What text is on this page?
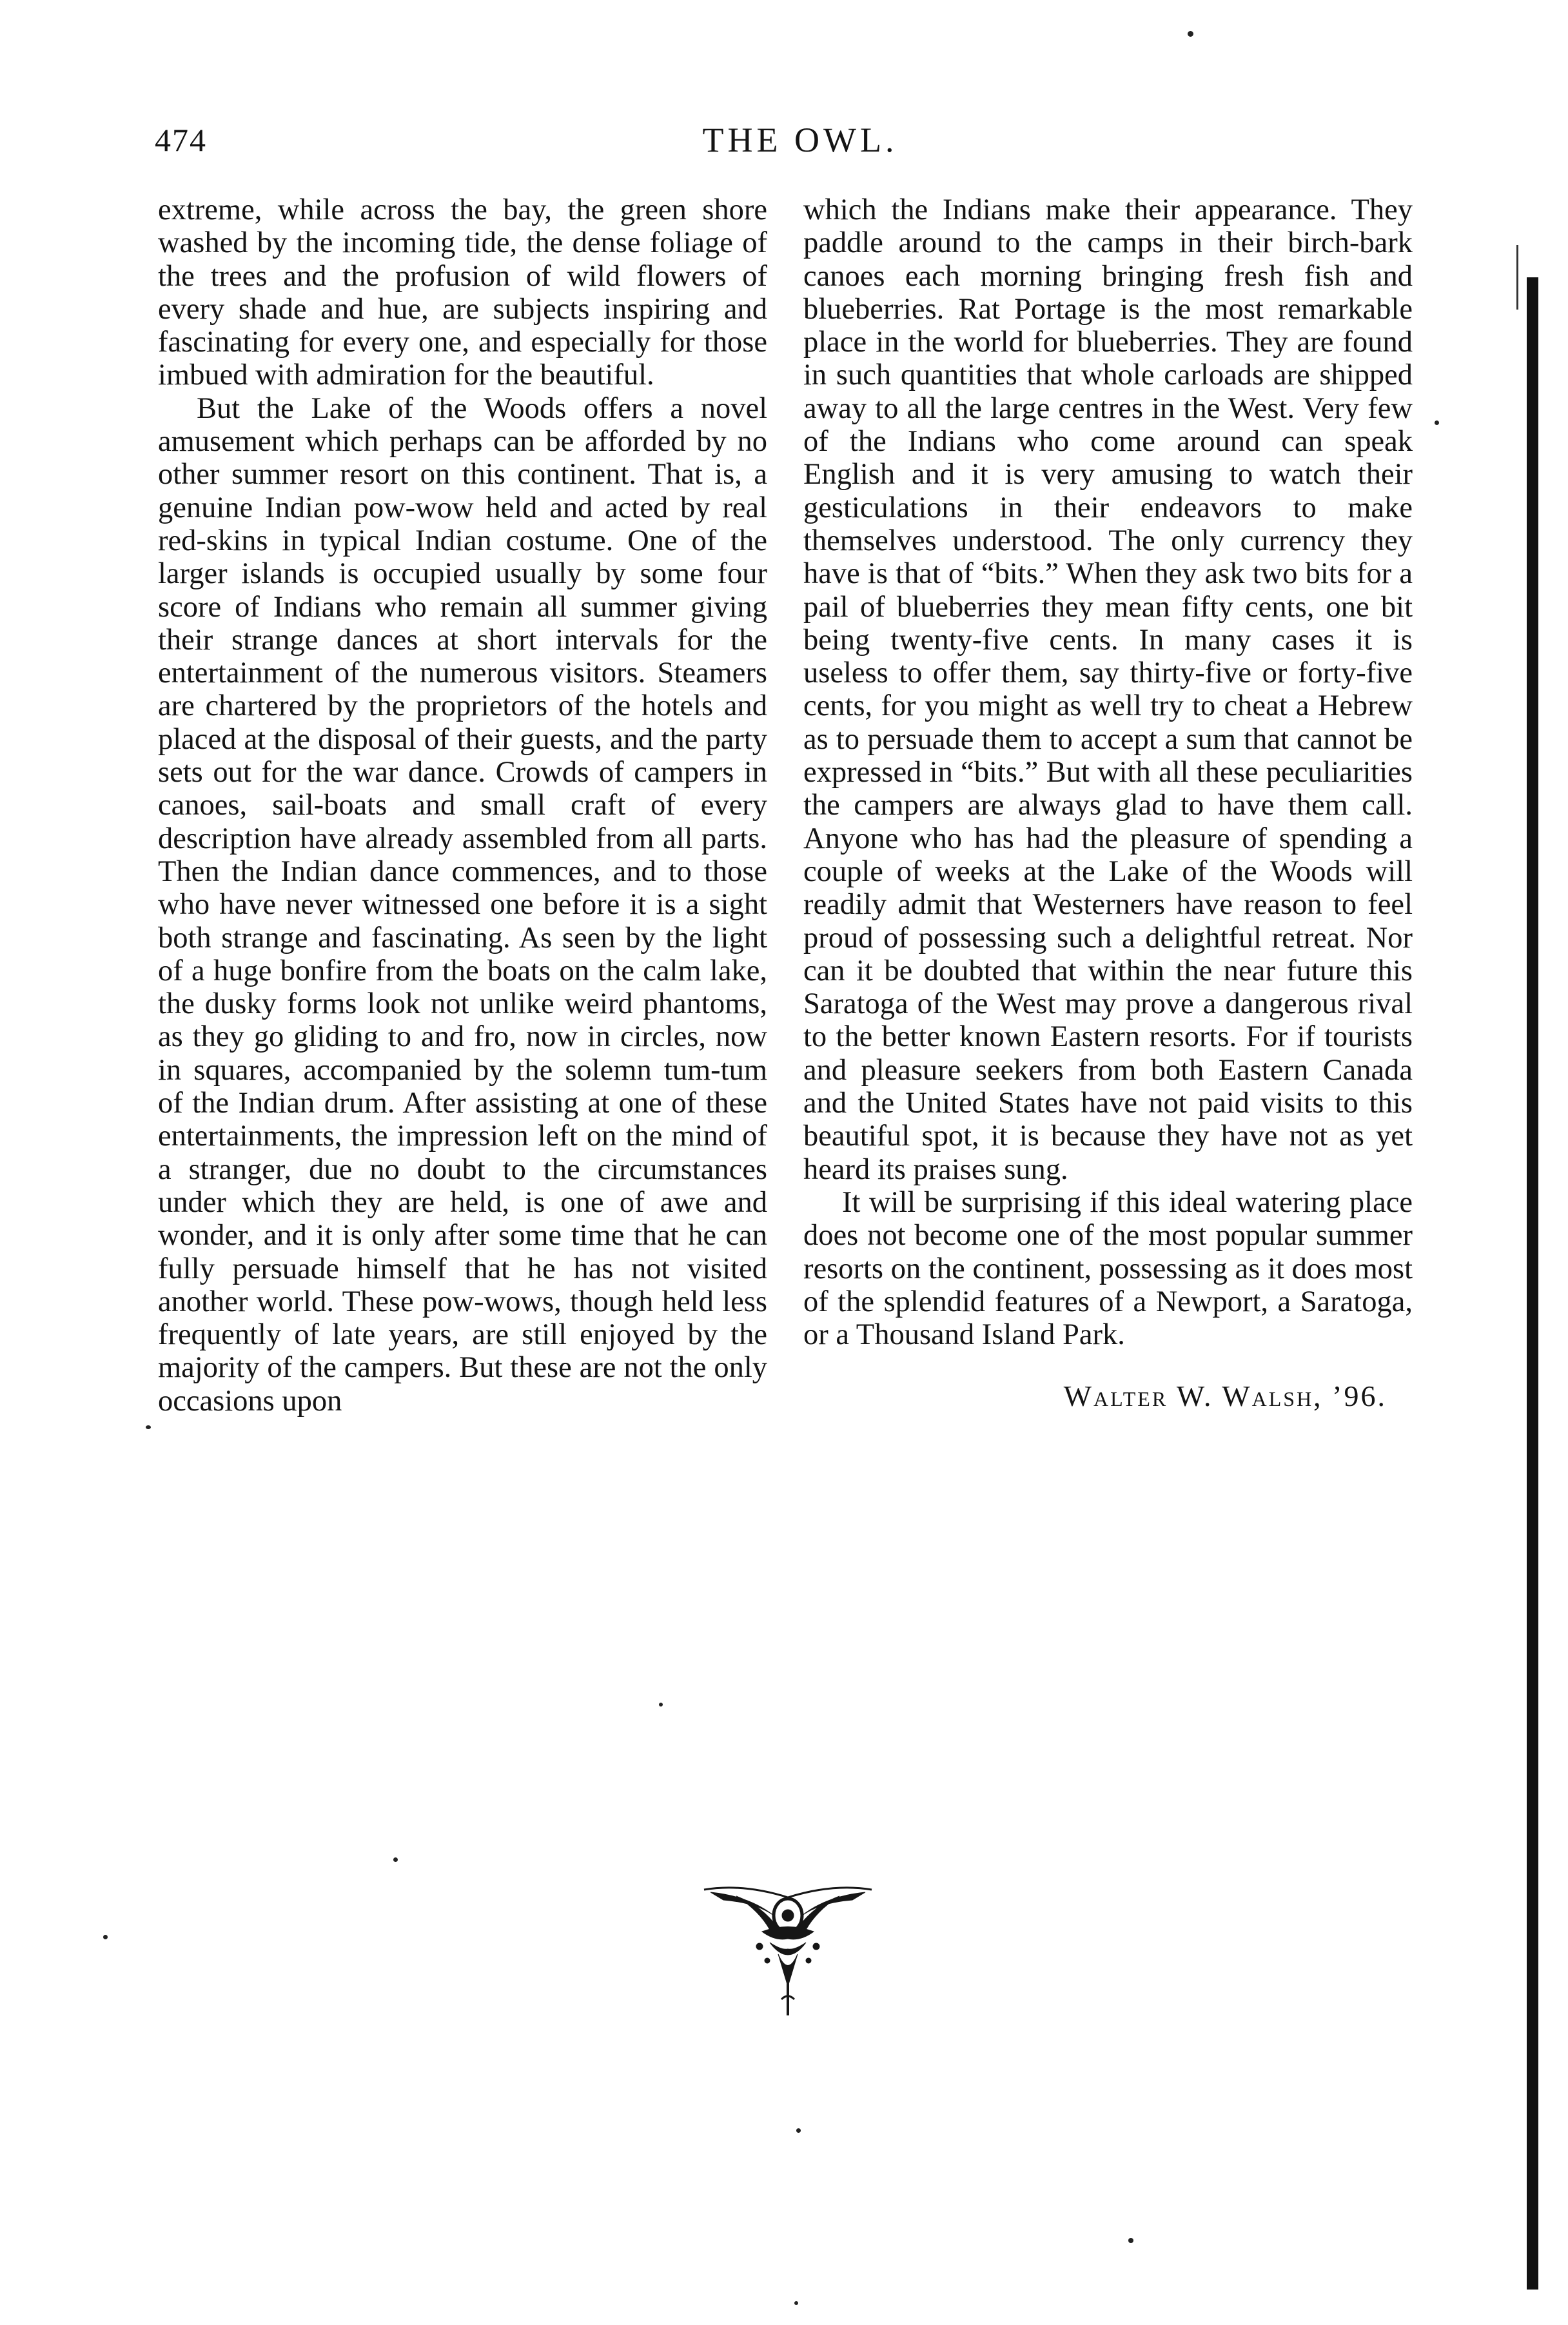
474	THE OWL.

extreme, while across the bay, the green shore washed by the incoming tide, the dense foliage of the trees and the profusion of wild flowers of every shade and hue, are subjects inspiring and fascinating for every one, and especially for those imbued with admiration for the beautiful.

But the Lake of the Woods offers a novel amusement which perhaps can be afforded by no other summer resort on this continent. That is, a genuine Indian pow-wow held and acted by real red-skins in typical Indian costume. One of the larger islands is occupied usually by some four score of Indians who remain all summer giving their strange dances at short intervals for the entertainment of the numerous visitors. Steamers are chartered by the proprietors of the hotels and placed at the disposal of their guests, and the party sets out for the war dance. Crowds of campers in canoes, sail-boats and small craft of every description have already assembled from all parts. Then the Indian dance commences, and to those who have never witnessed one before it is a sight both strange and fascinating. As seen by the light of a huge bonfire from the boats on the calm lake, the dusky forms look not unlike weird phantoms, as they go gliding to and fro, now in circles, now in squares, accompanied by the solemn tum-tum of the Indian drum. After assisting at one of these entertainments, the impression left on the mind of a stranger, due no doubt to the circumstances under which they are held, is one of awe and wonder, and it is only after some time that he can fully persuade himself that he has not visited another world. These pow-wows, though held less frequently of late years, are still enjoyed by the majority of the campers. But these are not the only occasions upon

which the Indians make their appearance. They paddle around to the camps in their birch-bark canoes each morning bringing fresh fish and blueberries. Rat Portage is the most remarkable place in the world for blueberries. They are found in such quantities that whole carloads are shipped away to all the large centres in the West. Very few of the Indians who come around can speak English and it is very amusing to watch their gesticulations in their endeavors to make themselves understood. The only currency they have is that of “bits.” When they ask two bits for a pail of blueberries they mean fifty cents, one bit being twenty-five cents. In many cases it is useless to offer them, say thirty-five or forty-five cents, for you might as well try to cheat a Hebrew as to persuade them to accept a sum that cannot be expressed in “bits.” But with all these peculiarities the campers are always glad to have them call. Anyone who has had the pleasure of spending a couple of weeks at the Lake of the Woods will readily admit that Westerners have reason to feel proud of possessing such a delightful retreat. Nor can it be doubted that within the near future this Saratoga of the West may prove a dangerous rival to the better known Eastern resorts. For if tourists and pleasure seekers from both Eastern Canada and the United States have not paid visits to this beautiful spot, it is because they have not as yet heard its praises sung.

It will be surprising if this ideal watering place does not become one of the most popular summer resorts on the continent, possessing as it does most of the splendid features of a Newport, a Saratoga, or a Thousand Island Park.

Walter W. Walsh, ’96.
